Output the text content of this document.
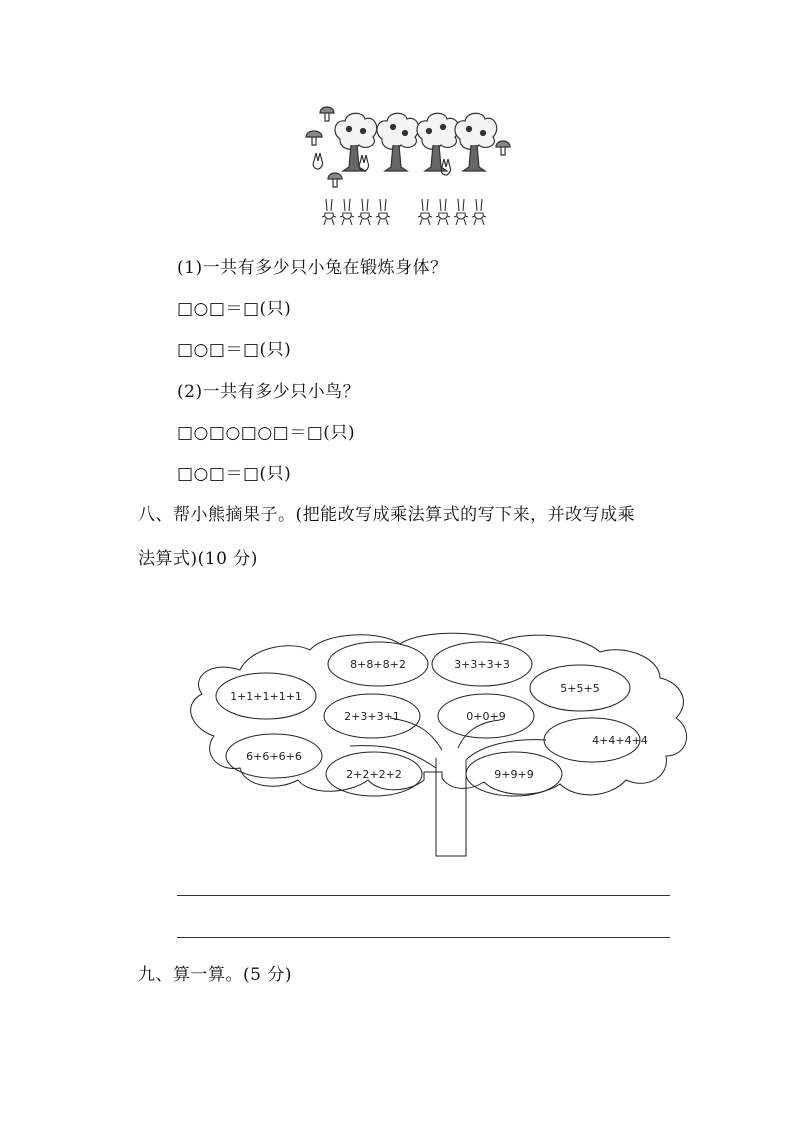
(1)一共有多少只小兔在锻炼身体？
□○□＝□(只)
□○□＝□(只)
(2)一共有多少只小鸟？
□○□○□○□＝□(只)
□○□＝□(只)
八、帮小熊摘果子。(把能改写成乘法算式的写下来，并改写成乘
法算式)(10 分)
8+8+8+2	3+3+3+3
1+1+1+1+1
5+5+5
2+3+3+1	0+0+9
4+4+4+4
6+6+6+6
2+2+2+2	9+9+9
九、算一算。(5 分)
